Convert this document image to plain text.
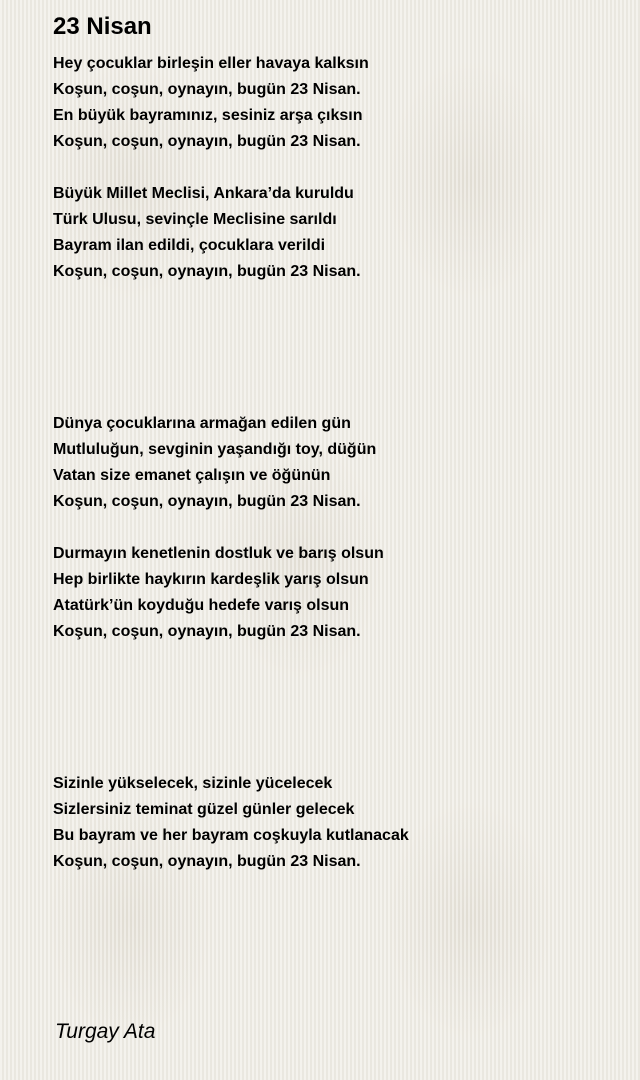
23 Nisan
Hey çocuklar birleşin eller havaya kalksın
Koşun, coşun, oynayın, bugün 23 Nisan.
En büyük bayramınız, sesiniz arşa çıksın
Koşun, coşun, oynayın, bugün 23 Nisan.
Büyük Millet Meclisi, Ankara’da kuruldu
Türk Ulusu, sevinçle Meclisine sarıldı
Bayram ilan edildi, çocuklara verildi
Koşun, coşun, oynayın, bugün 23 Nisan.
Dünya çocuklarına armağan edilen gün
Mutluluğun, sevginin yaşandığı toy, düğün
Vatan size emanet çalışın ve öğünün
Koşun, coşun, oynayın, bugün 23 Nisan.
Durmayın kenetlenin dostluk ve barış olsun
Hep birlikte haykırın kardeşlik yarış olsun
Atatürk’ün koyduğu hedefe varış olsun
Koşun, coşun, oynayın, bugün 23 Nisan.
Sizinle yükselecek, sizinle yücelecek
Sizlersiniz teminat güzel günler gelecek
Bu bayram ve her bayram coşkuyla kutlanacak
Koşun, coşun, oynayın, bugün 23 Nisan.
Turgay Ata
